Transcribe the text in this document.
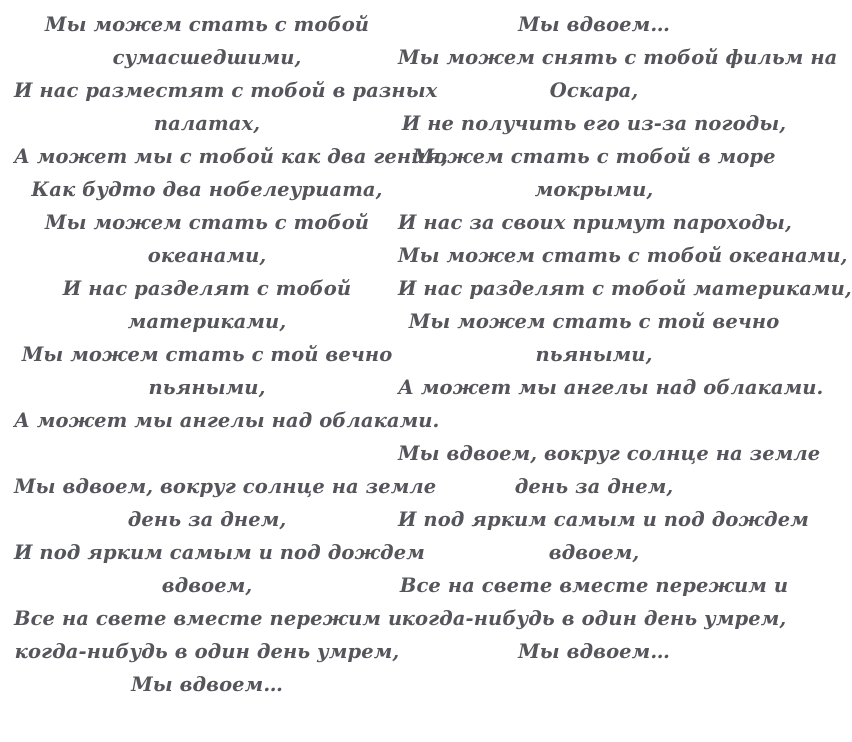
Мы можем стать с тобой
сумасшедшими,
И нас разместят с тобой в разных
палатах,
А может мы с тобой как два гения,
Как будто два нобелеуриата,
Мы можем стать с тобой
океанами,
И нас разделят с тобой
материками,
Мы можем стать с той вечно
пьяными,
А может мы ангелы над облаками.
Мы вдвоем, вокруг солнце на земле
день за днем,
И под ярким самым и под дождем
вдвоем,
Все на свете вместе пережим и
когда-нибудь в один день умрем,
Мы вдвоем…
Мы вдвоем…
Мы можем снять с тобой фильм на
Оскара,
И не получить его из-за погоды,
Можем стать с тобой в море
мокрыми,
И нас за своих примут пароходы,
Мы можем стать с тобой океанами,
И нас разделят с тобой материками,
Мы можем стать с той вечно
пьяными,
А может мы ангелы над облаками.
Мы вдвоем, вокруг солнце на земле
день за днем,
И под ярким самым и под дождем
вдвоем,
Все на свете вместе пережим и
когда-нибудь в один день умрем,
Мы вдвоем…
